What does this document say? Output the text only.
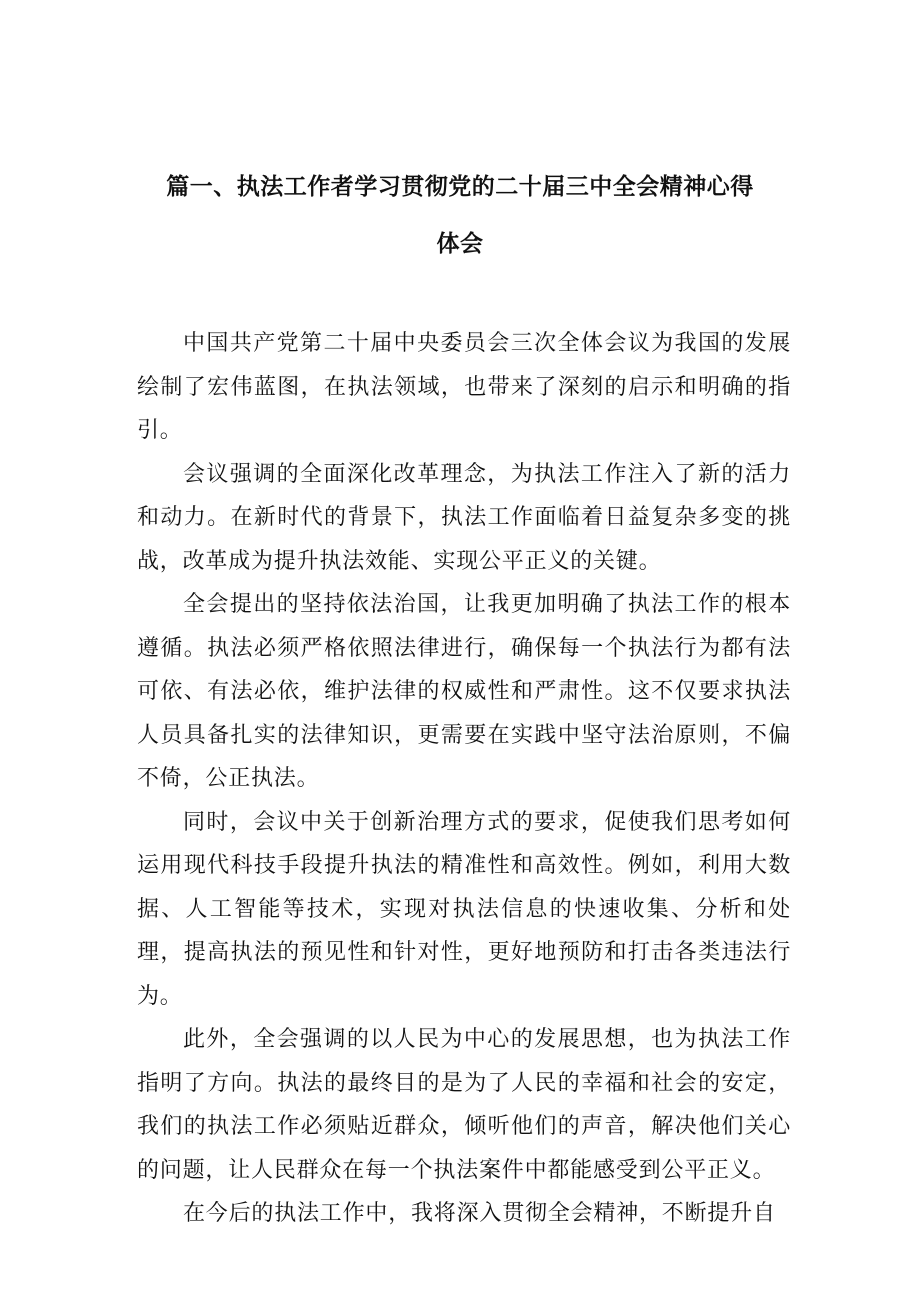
篇一、执法工作者学习贯彻党的二十届三中全会精神心得
体会

中国共产党第二十届中央委员会三次全体会议为我国的发展绘制了宏伟蓝图，在执法领域，也带来了深刻的启示和明确的指引。

会议强调的全面深化改革理念，为执法工作注入了新的活力和动力。在新时代的背景下，执法工作面临着日益复杂多变的挑战，改革成为提升执法效能、实现公平正义的关键。

全会提出的坚持依法治国，让我更加明确了执法工作的根本遵循。执法必须严格依照法律进行，确保每一个执法行为都有法可依、有法必依，维护法律的权威性和严肃性。这不仅要求执法人员具备扎实的法律知识，更需要在实践中坚守法治原则，不偏不倚，公正执法。

同时，会议中关于创新治理方式的要求，促使我们思考如何运用现代科技手段提升执法的精准性和高效性。例如，利用大数据、人工智能等技术，实现对执法信息的快速收集、分析和处理，提高执法的预见性和针对性，更好地预防和打击各类违法行为。

此外，全会强调的以人民为中心的发展思想，也为执法工作指明了方向。执法的最终目的是为了人民的幸福和社会的安定，我们的执法工作必须贴近群众，倾听他们的声音，解决他们关心的问题，让人民群众在每一个执法案件中都能感受到公平正义。

在今后的执法工作中，我将深入贯彻全会精神，不断提升自
